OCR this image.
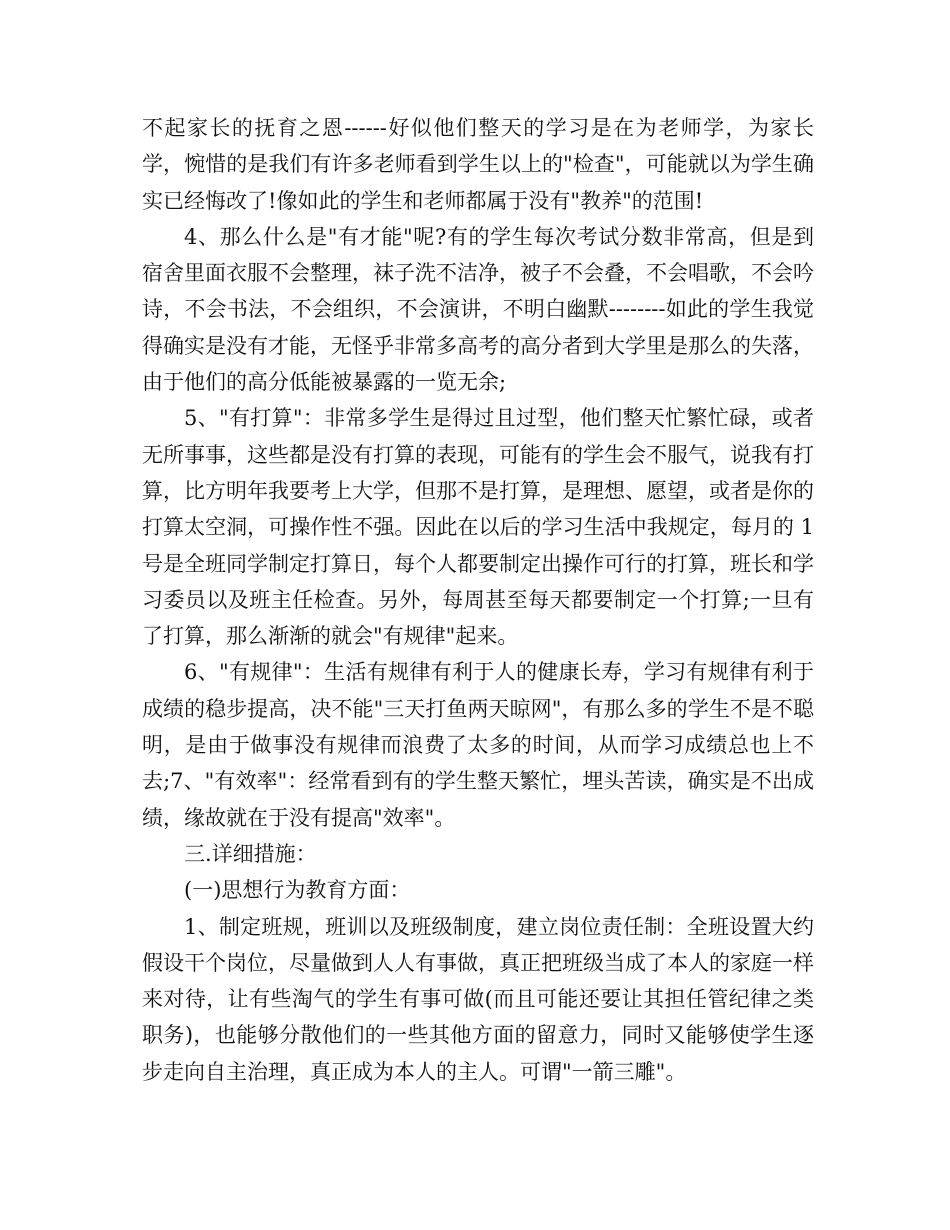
不起家长的抚育之恩------好似他们整天的学习是在为老师学，为家长学，惋惜的是我们有许多老师看到学生以上的"检查"，可能就以为学生确实已经悔改了!像如此的学生和老师都属于没有"教养"的范围!

4、那么什么是"有才能"呢?有的学生每次考试分数非常高，但是到宿舍里面衣服不会整理，袜子洗不洁净，被子不会叠，不会唱歌，不会吟诗，不会书法，不会组织，不会演讲，不明白幽默--------如此的学生我觉得确实是没有才能，无怪乎非常多高考的高分者到大学里是那么的失落，由于他们的高分低能被暴露的一览无余;

5、"有打算"：非常多学生是得过且过型，他们整天忙繁忙碌，或者无所事事，这些都是没有打算的表现，可能有的学生会不服气，说我有打算，比方明年我要考上大学，但那不是打算，是理想、愿望，或者是你的打算太空洞，可操作性不强。因此在以后的学习生活中我规定，每月的 1 号是全班同学制定打算日，每个人都要制定出操作可行的打算，班长和学习委员以及班主任检查。另外，每周甚至每天都要制定一个打算;一旦有了打算，那么渐渐的就会"有规律"起来。

6、"有规律"：生活有规律有利于人的健康长寿，学习有规律有利于成绩的稳步提高，决不能"三天打鱼两天晾网"，有那么多的学生不是不聪明，是由于做事没有规律而浪费了太多的时间，从而学习成绩总也上不去;7、"有效率"：经常看到有的学生整天繁忙，埋头苦读，确实是不出成绩，缘故就在于没有提高"效率"。

三.详细措施：

(一)思想行为教育方面：

1、制定班规，班训以及班级制度，建立岗位责任制：全班设置大约假设干个岗位，尽量做到人人有事做，真正把班级当成了本人的家庭一样来对待，让有些淘气的学生有事可做(而且可能还要让其担任管纪律之类职务)，也能够分散他们的一些其他方面的留意力，同时又能够使学生逐步走向自主治理，真正成为本人的主人。可谓"一箭三雕"。
